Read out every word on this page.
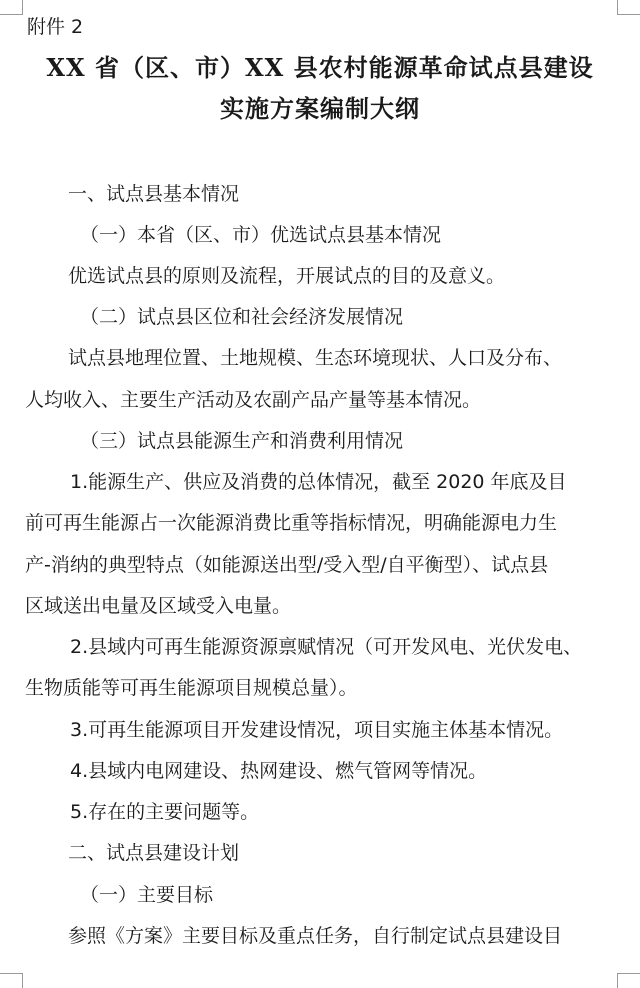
附件 2
XX 省（区、市）XX 县农村能源革命试点县建设
实施方案编制大纲
一、试点县基本情况
（一）本省（区、市）优选试点县基本情况
优选试点县的原则及流程，开展试点的目的及意义。
（二）试点县区位和社会经济发展情况
试点县地理位置、土地规模、生态环境现状、人口及分布、
人均收入、主要生产活动及农副产品产量等基本情况。
（三）试点县能源生产和消费利用情况
1.能源生产、供应及消费的总体情况，截至 2020 年底及目
前可再生能源占一次能源消费比重等指标情况，明确能源电力生
产-消纳的典型特点（如能源送出型/受入型/自平衡型）、试点县
区域送出电量及区域受入电量。
2.县域内可再生能源资源禀赋情况（可开发风电、光伏发电、
生物质能等可再生能源项目规模总量）。
3.可再生能源项目开发建设情况，项目实施主体基本情况。
4.县域内电网建设、热网建设、燃气管网等情况。
5.存在的主要问题等。
二、试点县建设计划
（一）主要目标
参照《方案》主要目标及重点任务，自行制定试点县建设目
